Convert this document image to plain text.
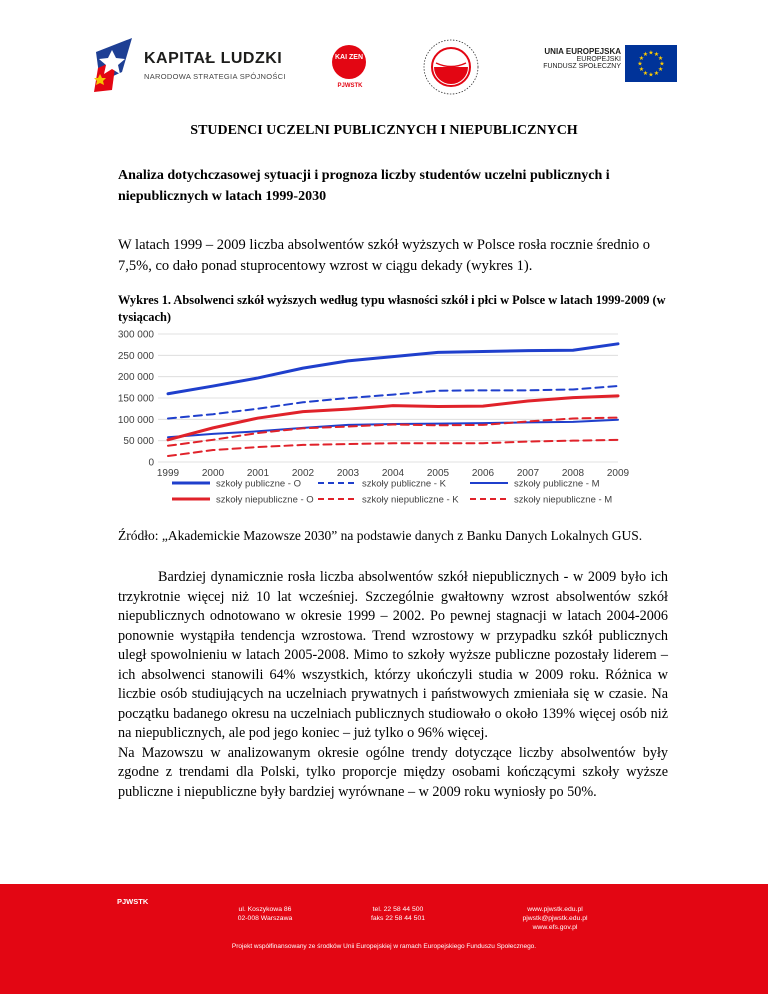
KAPITAŁ LUDZKI
NARODOWA STRATEGIA SPÓJNOŚCI
KAI ZEN
PJWSTK
UNIA EUROPEJSKA
EUROPEJSKI
FUNDUSZ SPOŁECZNY	★
★
★
★
★
★
★
★
★ ★ ★
★
STUDENCI UCZELNI PUBLICZNYCH I NIEPUBLICZNYCH
Analiza dotychczasowej sytuacji i prognoza liczby studentów uczelni publicznych i niepublicznych w latach 1999-2030
W latach 1999 – 2009 liczba absolwentów szkół wyższych w Polsce rosła rocznie średnio o 7,5%, co dało ponad stuprocentowy wzrost w ciągu dekady (wykres 1).
Wykres 1. Absolwenci szkół wyższych według typu własności szkół i płci w Polsce w latach 1999-2009 (w tysiącach)
0
50 000
100 000
150 000
200 000
250 000
300 000
1999 2000 2001 2002 2003 2004 2005 2006 2007 2008 2009
szkoły publiczne - O	szkoły publiczne - K	szkoły publiczne - M
szkoły niepubliczne - O	szkoły niepubliczne - K	szkoły niepubliczne - M
Źródło: „Akademickie Mazowsze 2030” na podstawie danych z Banku Danych Lokalnych GUS.

Bardziej dynamicznie rosła liczba absolwentów szkół niepublicznych - w 2009 było ich trzykrotnie więcej niż 10 lat wcześniej. Szczególnie gwałtowny wzrost absolwentów szkół niepublicznych odnotowano w okresie 1999 – 2002. Po pewnej stagnacji w latach 2004-2006 ponownie wystąpiła tendencja wzrostowa. Trend wzrostowy w przypadku szkół publicznych uległ spowolnieniu w latach 2005-2008. Mimo to szkoły wyższe publiczne pozostały liderem – ich absolwenci stanowili 64% wszystkich, którzy ukończyli studia w 2009 roku. Różnica w liczbie osób studiujących na uczelniach prywatnych i państwowych zmieniała się w czasie. Na początku badanego okresu na uczelniach publicznych studiowało o około 139% więcej osób niż na niepublicznych, ale pod jego koniec – już tylko o 96% więcej.

Na Mazowszu w analizowanym okresie ogólne trendy dotyczące liczby absolwentów były zgodne z trendami dla Polski, tylko proporcje między osobami kończącymi szkoły wyższe publiczne i niepubliczne były bardziej wyrównane – w 2009 roku wyniosły po 50%.

PJWSTK
ul. Koszykowa 86
02-008 Warszawa
tel. 22 58 44 500
faks 22 58 44 501
www.pjwstk.edu.pl
pjwstk@pjwstk.edu.pl
www.efs.gov.pl
Projekt współfinansowany ze środków Unii Europejskiej w ramach Europejskiego Funduszu Społecznego.
